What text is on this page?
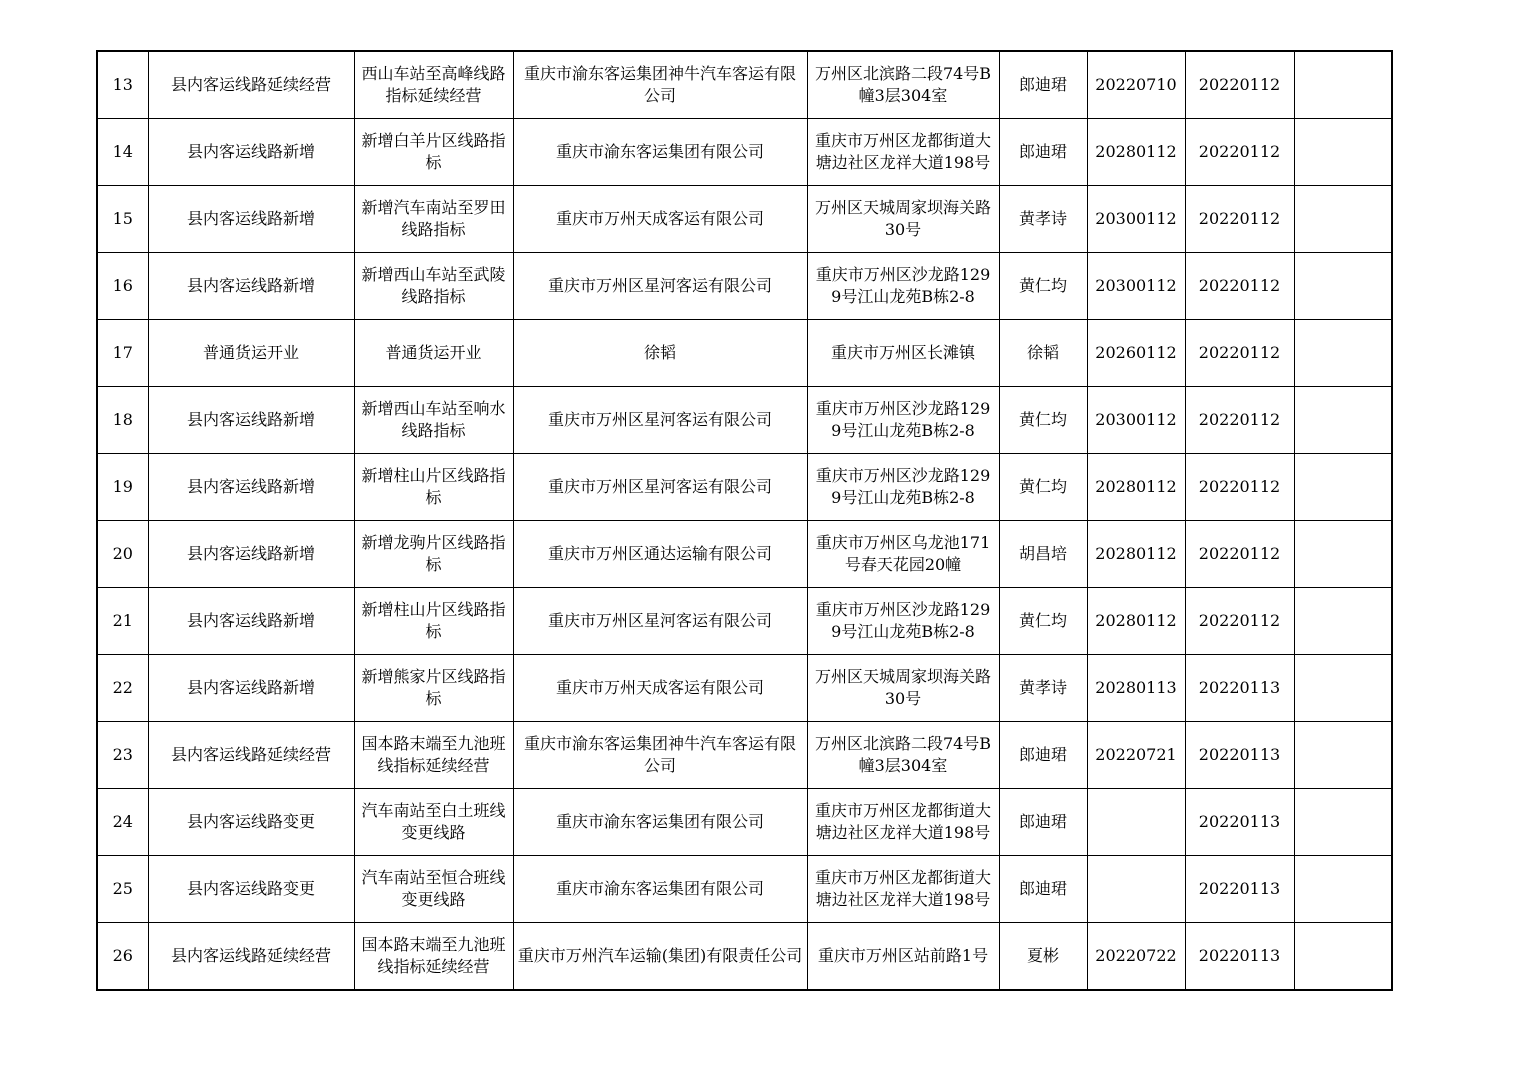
13	县内客运线路延续经营	西山车站至高峰线路指标延续经营	重庆市渝东客运集团神牛汽车客运有限公司	万州区北滨路二段74号B幢3层304室	郎迪珺	20220710	20220112	
14	县内客运线路新增	新增白羊片区线路指标	重庆市渝东客运集团有限公司	重庆市万州区龙都街道大塘边社区龙祥大道198号	郎迪珺	20280112	20220112	
15	县内客运线路新增	新增汽车南站至罗田线路指标	重庆市万州天成客运有限公司	万州区天城周家坝海关路30号	黄孝诗	20300112	20220112	
16	县内客运线路新增	新增西山车站至武陵线路指标	重庆市万州区星河客运有限公司	重庆市万州区沙龙路1299号江山龙苑B栋2-8	黄仁均	20300112	20220112	
17	普通货运开业	普通货运开业	徐韬	重庆市万州区长滩镇	徐韬	20260112	20220112	
18	县内客运线路新增	新增西山车站至响水线路指标	重庆市万州区星河客运有限公司	重庆市万州区沙龙路1299号江山龙苑B栋2-8	黄仁均	20300112	20220112	
19	县内客运线路新增	新增柱山片区线路指标	重庆市万州区星河客运有限公司	重庆市万州区沙龙路1299号江山龙苑B栋2-8	黄仁均	20280112	20220112	
20	县内客运线路新增	新增龙驹片区线路指标	重庆市万州区通达运输有限公司	重庆市万州区乌龙池171号春天花园20幢	胡昌培	20280112	20220112	
21	县内客运线路新增	新增柱山片区线路指标	重庆市万州区星河客运有限公司	重庆市万州区沙龙路1299号江山龙苑B栋2-8	黄仁均	20280112	20220112	
22	县内客运线路新增	新增熊家片区线路指标	重庆市万州天成客运有限公司	万州区天城周家坝海关路30号	黄孝诗	20280113	20220113	
23	县内客运线路延续经营	国本路末端至九池班线指标延续经营	重庆市渝东客运集团神牛汽车客运有限公司	万州区北滨路二段74号B幢3层304室	郎迪珺	20220721	20220113	
24	县内客运线路变更	汽车南站至白土班线变更线路	重庆市渝东客运集团有限公司	重庆市万州区龙都街道大塘边社区龙祥大道198号	郎迪珺		20220113	
25	县内客运线路变更	汽车南站至恒合班线变更线路	重庆市渝东客运集团有限公司	重庆市万州区龙都街道大塘边社区龙祥大道198号	郎迪珺		20220113	
26	县内客运线路延续经营	国本路末端至九池班线指标延续经营	重庆市万州汽车运输(集团)有限责任公司	重庆市万州区站前路1号	夏彬	20220722	20220113	
